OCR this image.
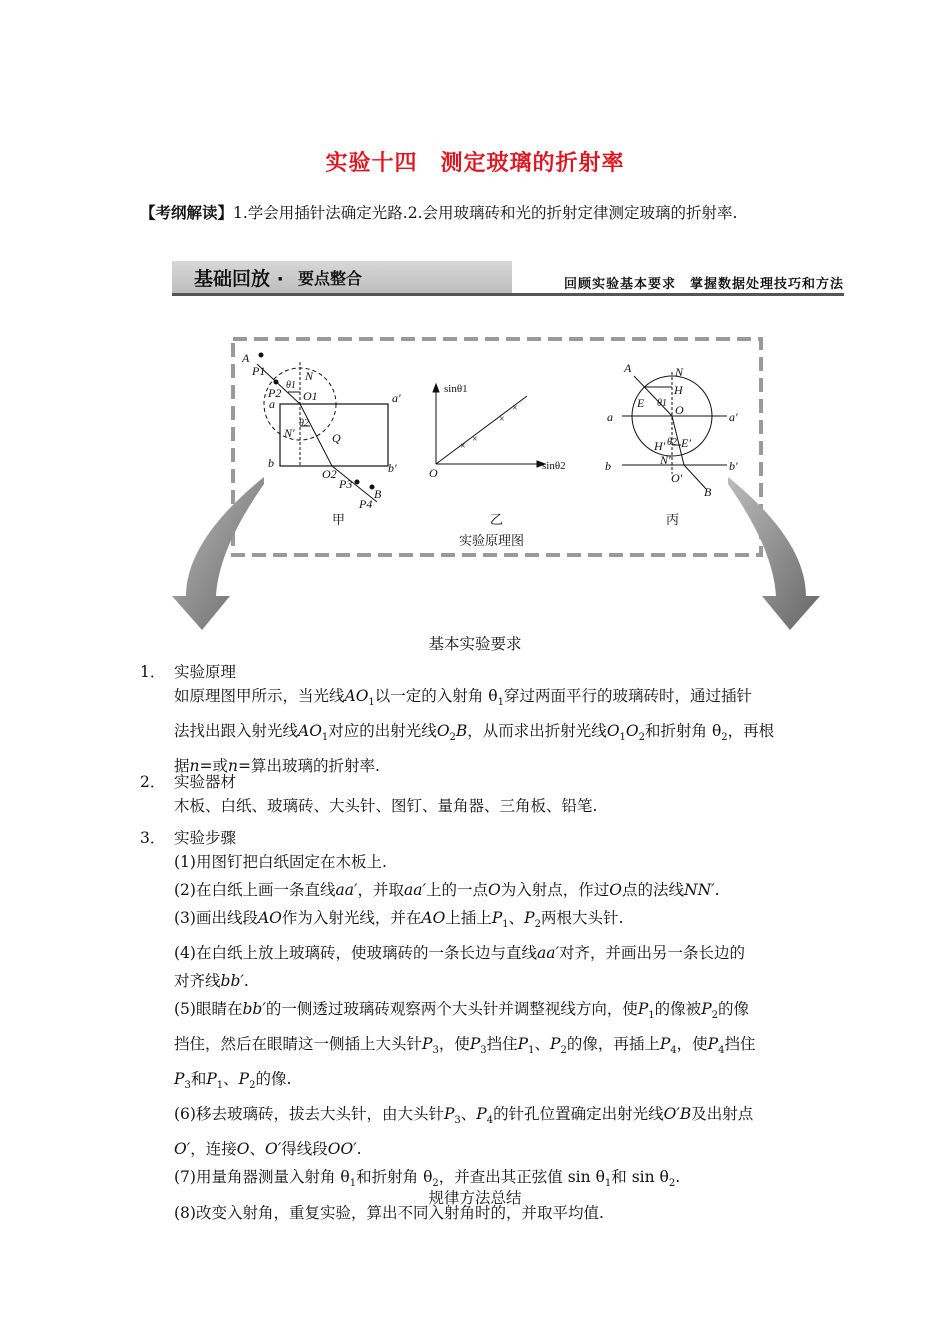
实验十四　测定玻璃的折射率
【考纲解读】1.学会用插针法确定光路.2.会用玻璃砖和光的折射定律测定玻璃的折射率.
基础回放 · 要点整合	回顾实验基本要求　掌握数据处理技巧和方法
A
P1
P2
N
θ1
O1
a	a′
N′
θ2
Q
b	b′
O2
P3
P4
B
甲
×
×
×
×
sinθ1
sinθ2
O
乙
A	N
H
E θ1 O
a	a′
H′ θ2 E′
b	N′	b′
O′
B
丙
实验原理图
基本实验要求
1． 实验原理
如原理图甲所示，当光线$AO_1$以一定的入射角 $\theta_1$穿过两面平行的玻璃砖时，通过插针
法找出跟入射光线$AO_1$对应的出射光线$O_2B$，从而求出折射光线$O_1O_2$和折射角 $\theta_2$，再根
据n=或n=算出玻璃的折射率.
2． 实验器材
木板、白纸、玻璃砖、大头针、图钉、量角器、三角板、铅笔.
3． 实验步骤
(1)用图钉把白纸固定在木板上.
(2)在白纸上画一条直线aa′，并取aa′上的一点O为入射点，作过O点的法线NN′.
(3)画出线段AO作为入射光线，并在AO上插上$P_1$、$P_2$两根大头针.
(4)在白纸上放上玻璃砖，使玻璃砖的一条长边与直线aa′对齐，并画出另一条长边的
对齐线bb′.
(5)眼睛在bb′的一侧透过玻璃砖观察两个大头针并调整视线方向，使$P_1$的像被$P_2$的像
挡住，然后在眼睛这一侧插上大头针$P_3$，使$P_3$挡住$P_1$、$P_2$的像，再插上$P_4$，使$P_4$挡住
$P_3$和$P_1$、$P_2$的像.
(6)移去玻璃砖，拔去大头针，由大头针$P_3$、$P_4$的针孔位置确定出射光线O′B及出射点
O′，连接O、O′得线段OO′.
(7)用量角器测量入射角 $\theta_1$和折射角 $\theta_2$，并查出其正弦值 $\sin \theta_1$和 $\sin \theta_2$.
(8)改变入射角，重复实验，算出不同入射角时的，并取平均值.
规律方法总结
